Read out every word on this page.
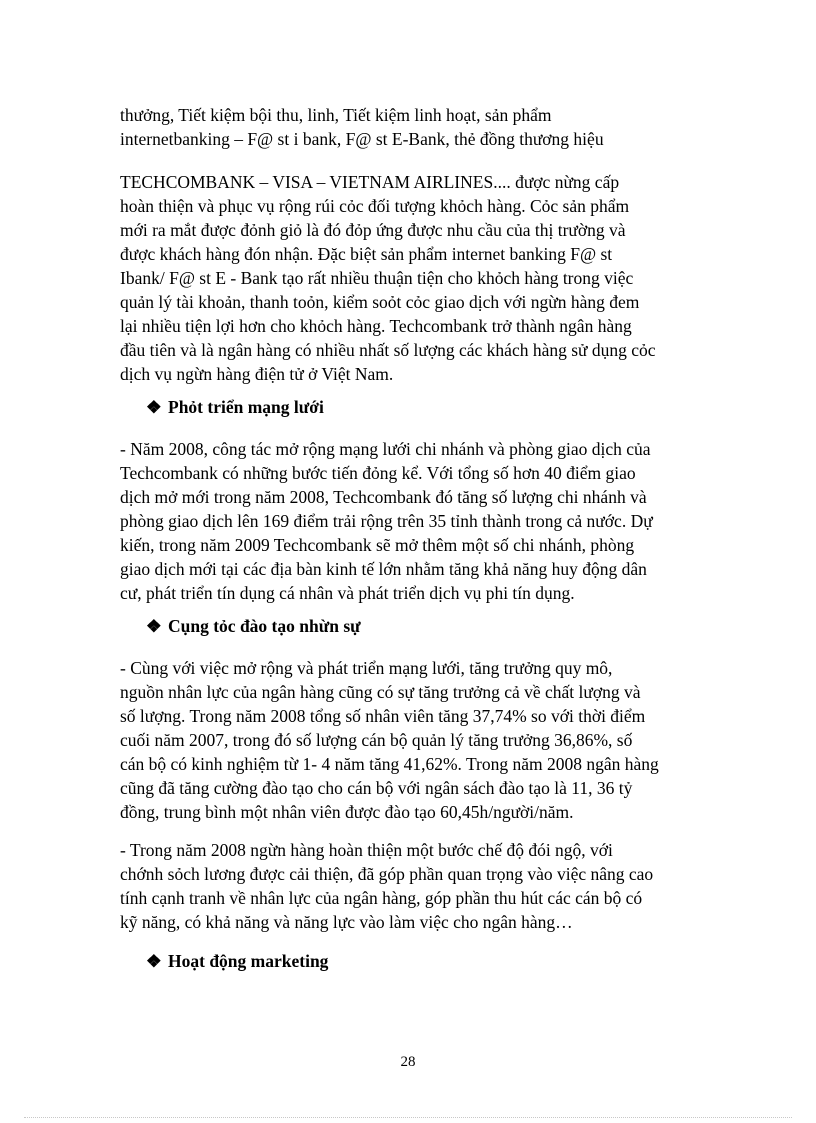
thưởng, Tiết kiệm bội thu, linh, Tiết kiệm linh hoạt, sản phẩm
internetbanking – F@ st i bank, F@ st E-Bank, thẻ đồng thương hiệu
TECHCOMBANK – VISA – VIETNAM AIRLINES.... được nừng cấp
hoàn thiện và phục vụ rộng rúi cỏc đối tượng khỏch hàng. Cỏc sản phẩm
mới ra mắt được đỏnh giỏ là đó đỏp ứng được nhu cầu của thị trường và
được khách hàng đón nhận. Đặc biệt sản phẩm internet banking F@ st
Ibank/ F@ st E - Bank tạo rất nhiều thuận tiện cho khỏch hàng trong việc
quản lý tài khoản, thanh toỏn, kiểm soỏt cỏc giao dịch với ngừn hàng đem
lại nhiều tiện lợi hơn cho khỏch hàng. Techcombank trở thành ngân hàng
đầu tiên và là ngân hàng có nhiều nhất số lượng các khách hàng sử dụng cỏc
dịch vụ ngừn hàng điện tử ở Việt Nam.
❖ Phỏt triển mạng lưới
- Năm 2008, công tác mở rộng mạng lưới chi nhánh và phòng giao dịch của
Techcombank có những bước tiến đỏng kể. Với tổng số hơn 40 điểm giao
dịch mở mới trong năm 2008, Techcombank đó tăng số lượng chi nhánh và
phòng giao dịch lên 169 điểm trải rộng trên 35 tỉnh thành trong cả nước. Dự
kiến, trong năm 2009 Techcombank sẽ mở thêm một số chi nhánh, phòng
giao dịch mới tại các địa bàn kinh tế lớn nhằm tăng khả năng huy động dân
cư, phát triển tín dụng cá nhân và phát triển dịch vụ phi tín dụng.
❖ Cụng tỏc đào tạo nhừn sự
- Cùng với việc mở rộng và phát triển mạng lưới, tăng trưởng quy mô,
nguồn nhân lực của ngân hàng cũng có sự tăng trưởng cả về chất lượng và
số lượng. Trong năm 2008 tổng số nhân viên tăng 37,74% so với thời điểm
cuối năm 2007, trong đó số lượng cán bộ quản lý tăng trưởng 36,86%, số
cán bộ có kinh nghiệm từ 1- 4 năm tăng 41,62%. Trong năm 2008 ngân hàng
cũng đã tăng cường đào tạo cho cán bộ với ngân sách đào tạo là 11, 36 tỷ
đồng, trung bình một nhân viên được đào tạo 60,45h/người/năm.
- Trong năm 2008 ngừn hàng hoàn thiện một bước chế độ đói ngộ, với
chớnh sỏch lương được cải thiện, đã góp phần quan trọng vào việc nâng cao
tính cạnh tranh về nhân lực của ngân hàng, góp phần thu hút các cán bộ có
kỹ năng, có khả năng và năng lực vào làm việc cho ngân hàng…
❖ Hoạt động marketing
28
